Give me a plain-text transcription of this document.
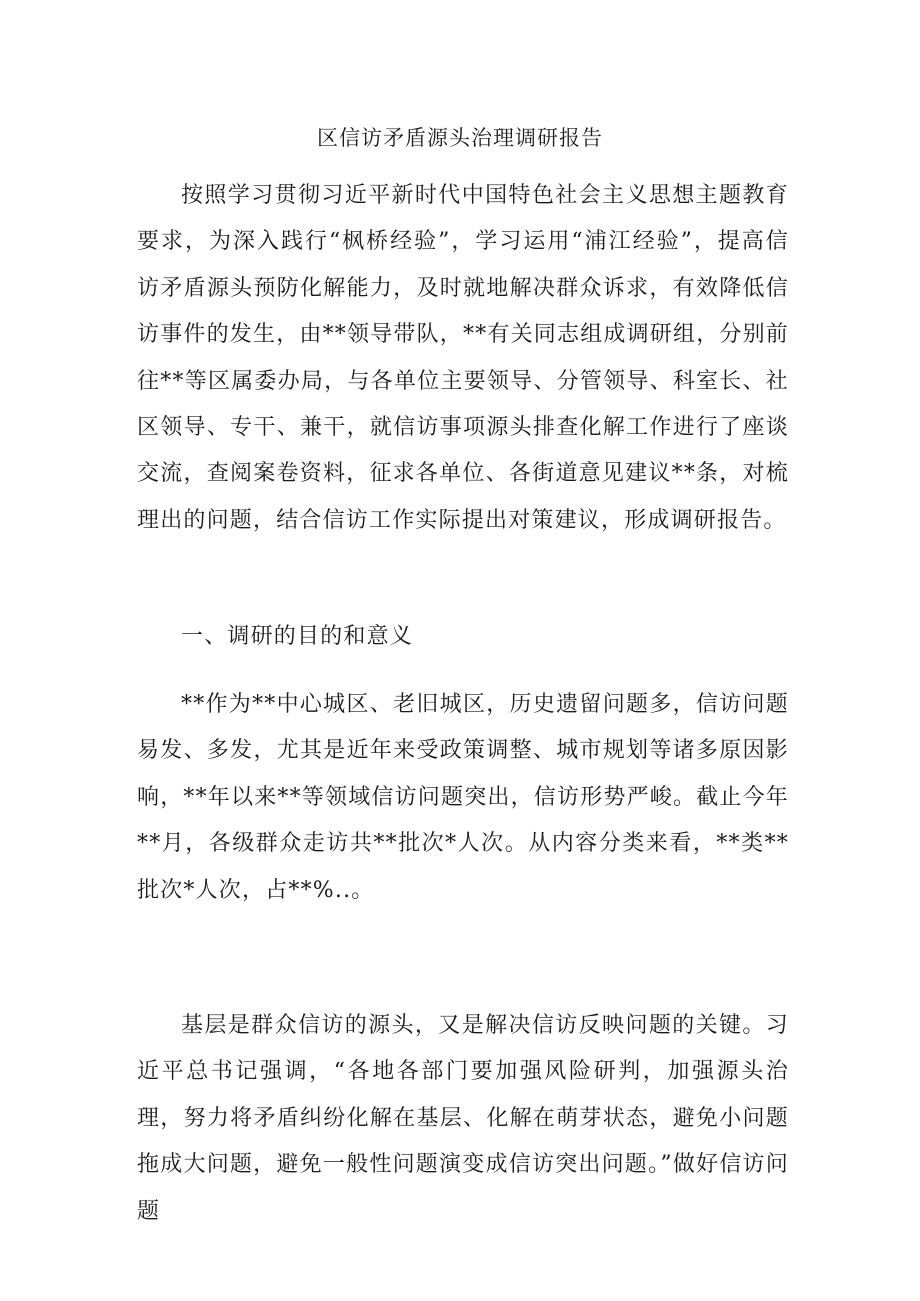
区信访矛盾源头治理调研报告

按照学习贯彻习近平新时代中国特色社会主义思想主题教育要求，为深入践行“枫桥经验”，学习运用“浦江经验”，提高信访矛盾源头预防化解能力，及时就地解决群众诉求，有效降低信访事件的发生，由**领导带队，**有关同志组成调研组，分别前往**等区属委办局，与各单位主要领导、分管领导、科室长、社区领导、专干、兼干，就信访事项源头排查化解工作进行了座谈交流，查阅案卷资料，征求各单位、各街道意见建议**条，对梳理出的问题，结合信访工作实际提出对策建议，形成调研报告。

一、调研的目的和意义

**作为**中心城区、老旧城区，历史遗留问题多，信访问题易发、多发，尤其是近年来受政策调整、城市规划等诸多原因影响，**年以来**等领域信访问题突出，信访形势严峻。截止今年**月，各级群众走访共**批次*人次。从内容分类来看，**类**批次*人次，占**%..。

基层是群众信访的源头，又是解决信访反映问题的关键。习近平总书记强调，“各地各部门要加强风险研判，加强源头治理，努力将矛盾纠纷化解在基层、化解在萌芽状态，避免小问题拖成大问题，避免一般性问题演变成信访突出问题。”做好信访问题
